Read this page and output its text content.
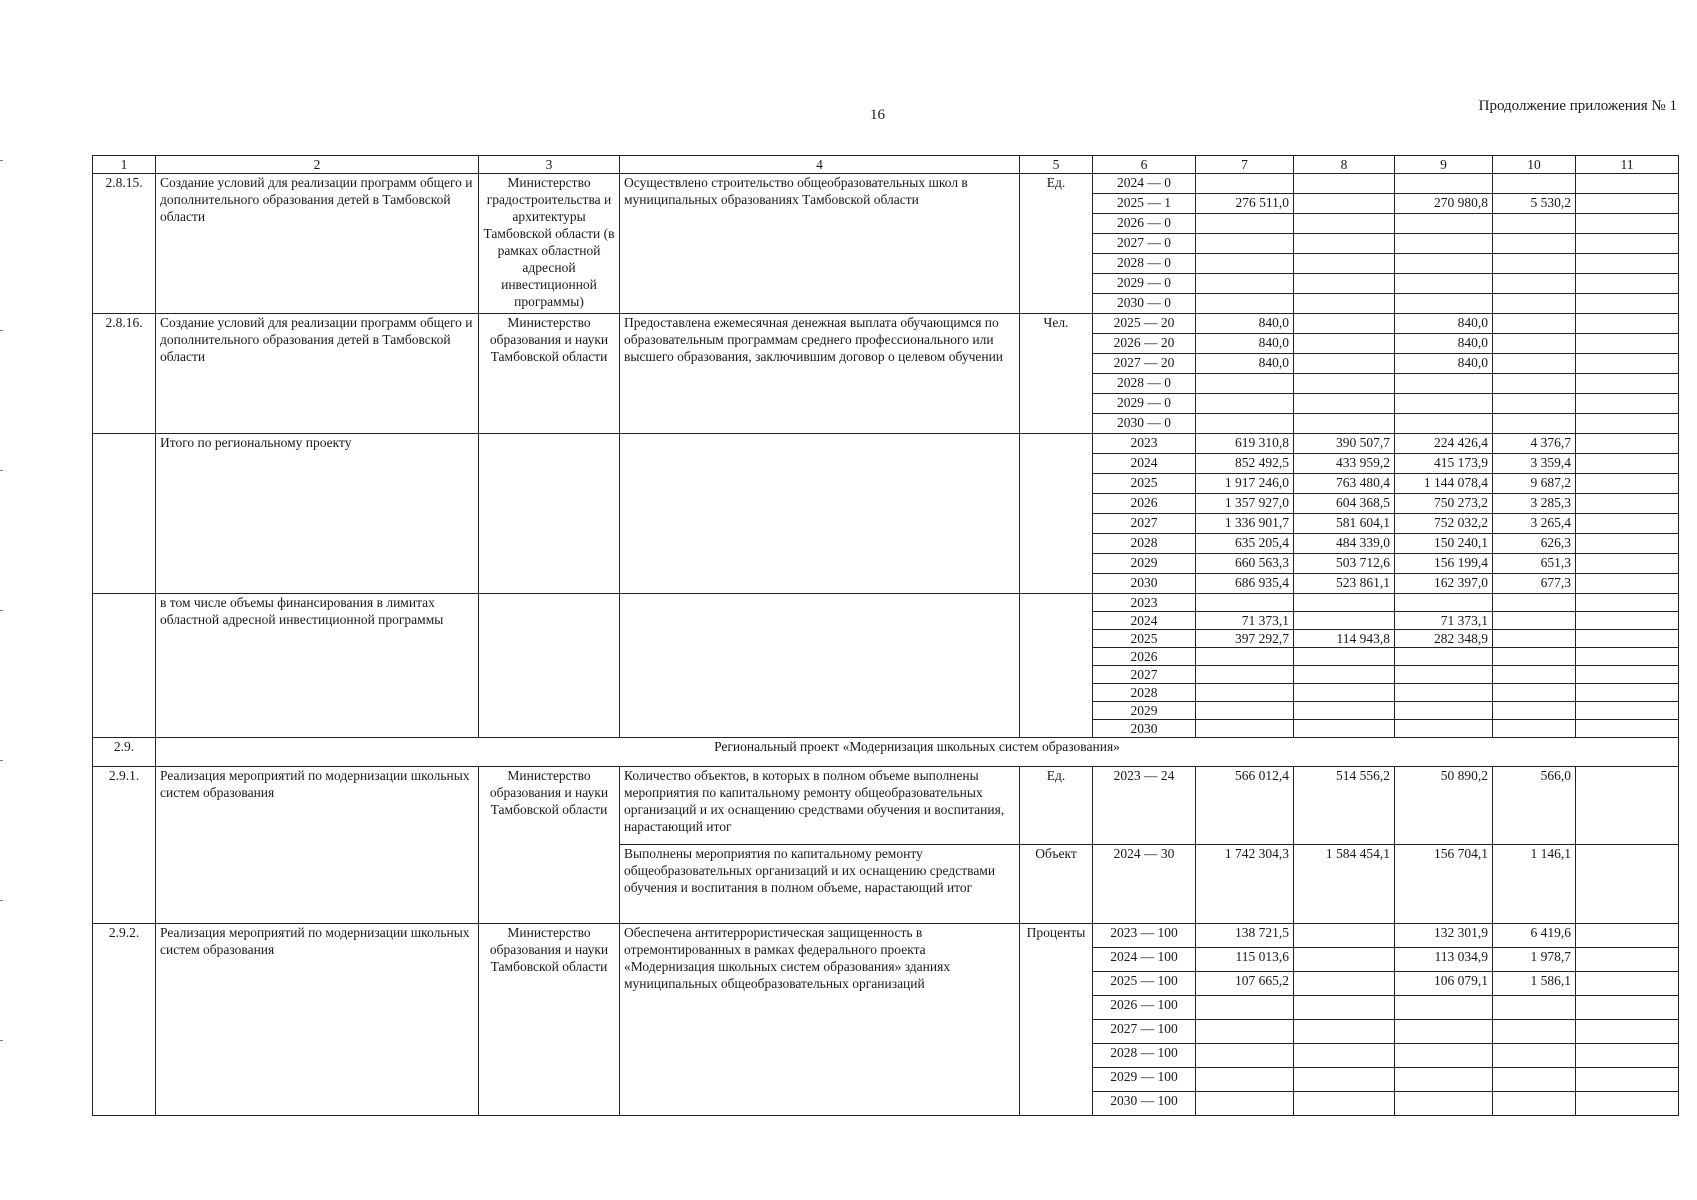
16
Продолжение приложения № 1
1	2	3	4	5	6	7	8	9	10	11
2.8.15.	Создание условий для реализации программ общего и дополнительного образования детей в Тамбовской области	Министерство градостроительства и архитектуры Тамбовской области (в рамках областной адресной инвестиционной программы)	Осуществлено строительство общеобразовательных школ в муниципальных образованиях Тамбовской области	Ед.	2024 — 0					
					2025 — 1	276 511,0		270 980,8	5 530,2	
					2026 — 0					
					2027 — 0					
					2028 — 0					
					2029 — 0					
					2030 — 0					
2.8.16.	Создание условий для реализации программ общего и дополнительного образования детей в Тамбовской области	Министерство образования и науки Тамбовской области	Предоставлена ежемесячная денежная выплата обучающимся по образовательным программам среднего профессионального или высшего образования, заключившим договор о целевом обучении	Чел.	2025 — 20	840,0		840,0		
					2026 — 20	840,0		840,0		
					2027 — 20	840,0		840,0		
					2028 — 0					
					2029 — 0					
					2030 — 0					
	Итого по региональному проекту				2023	619 310,8	390 507,7	224 426,4	4 376,7	
					2024	852 492,5	433 959,2	415 173,9	3 359,4	
					2025	1 917 246,0	763 480,4	1 144 078,4	9 687,2	
					2026	1 357 927,0	604 368,5	750 273,2	3 285,3	
					2027	1 336 901,7	581 604,1	752 032,2	3 265,4	
					2028	635 205,4	484 339,0	150 240,1	626,3	
					2029	660 563,3	503 712,6	156 199,4	651,3	
					2030	686 935,4	523 861,1	162 397,0	677,3	
	в том числе объемы финансирования в лимитах областной адресной инвестиционной программы				2023					
					2024	71 373,1		71 373,1		
					2025	397 292,7	114 943,8	282 348,9		
					2026					
					2027					
					2028					
					2029					
					2030					
2.9.	Региональный проект «Модернизация школьных систем образования»									
2.9.1.	Реализация мероприятий по модернизации школьных систем образования	Министерство образования и науки Тамбовской области	Количество объектов, в которых в полном объеме выполнены мероприятия по капитальному ремонту общеобразовательных организаций и их оснащению средствами обучения и воспитания, нарастающий итог	Ед.	2023 — 24	566 012,4	514 556,2	50 890,2	566,0	
			Выполнены мероприятия по капитальному ремонту общеобразовательных организаций и их оснащению средствами обучения и воспитания в полном объеме, нарастающий итог	Объект	2024 — 30	1 742 304,3	1 584 454,1	156 704,1	1 146,1	
2.9.2.	Реализация мероприятий по модернизации школьных систем образования	Министерство образования и науки Тамбовской области	Обеспечена антитеррористическая защищенность в отремонтированных в рамках федерального проекта «Модернизация школьных систем образования» зданиях муниципальных общеобразовательных организаций	Проценты	2023 — 100	138 721,5		132 301,9	6 419,6	
					2024 — 100	115 013,6		113 034,9	1 978,7	
					2025 — 100	107 665,2		106 079,1	1 586,1	
					2026 — 100					
					2027 — 100					
					2028 — 100					
					2029 — 100					
					2030 — 100					
